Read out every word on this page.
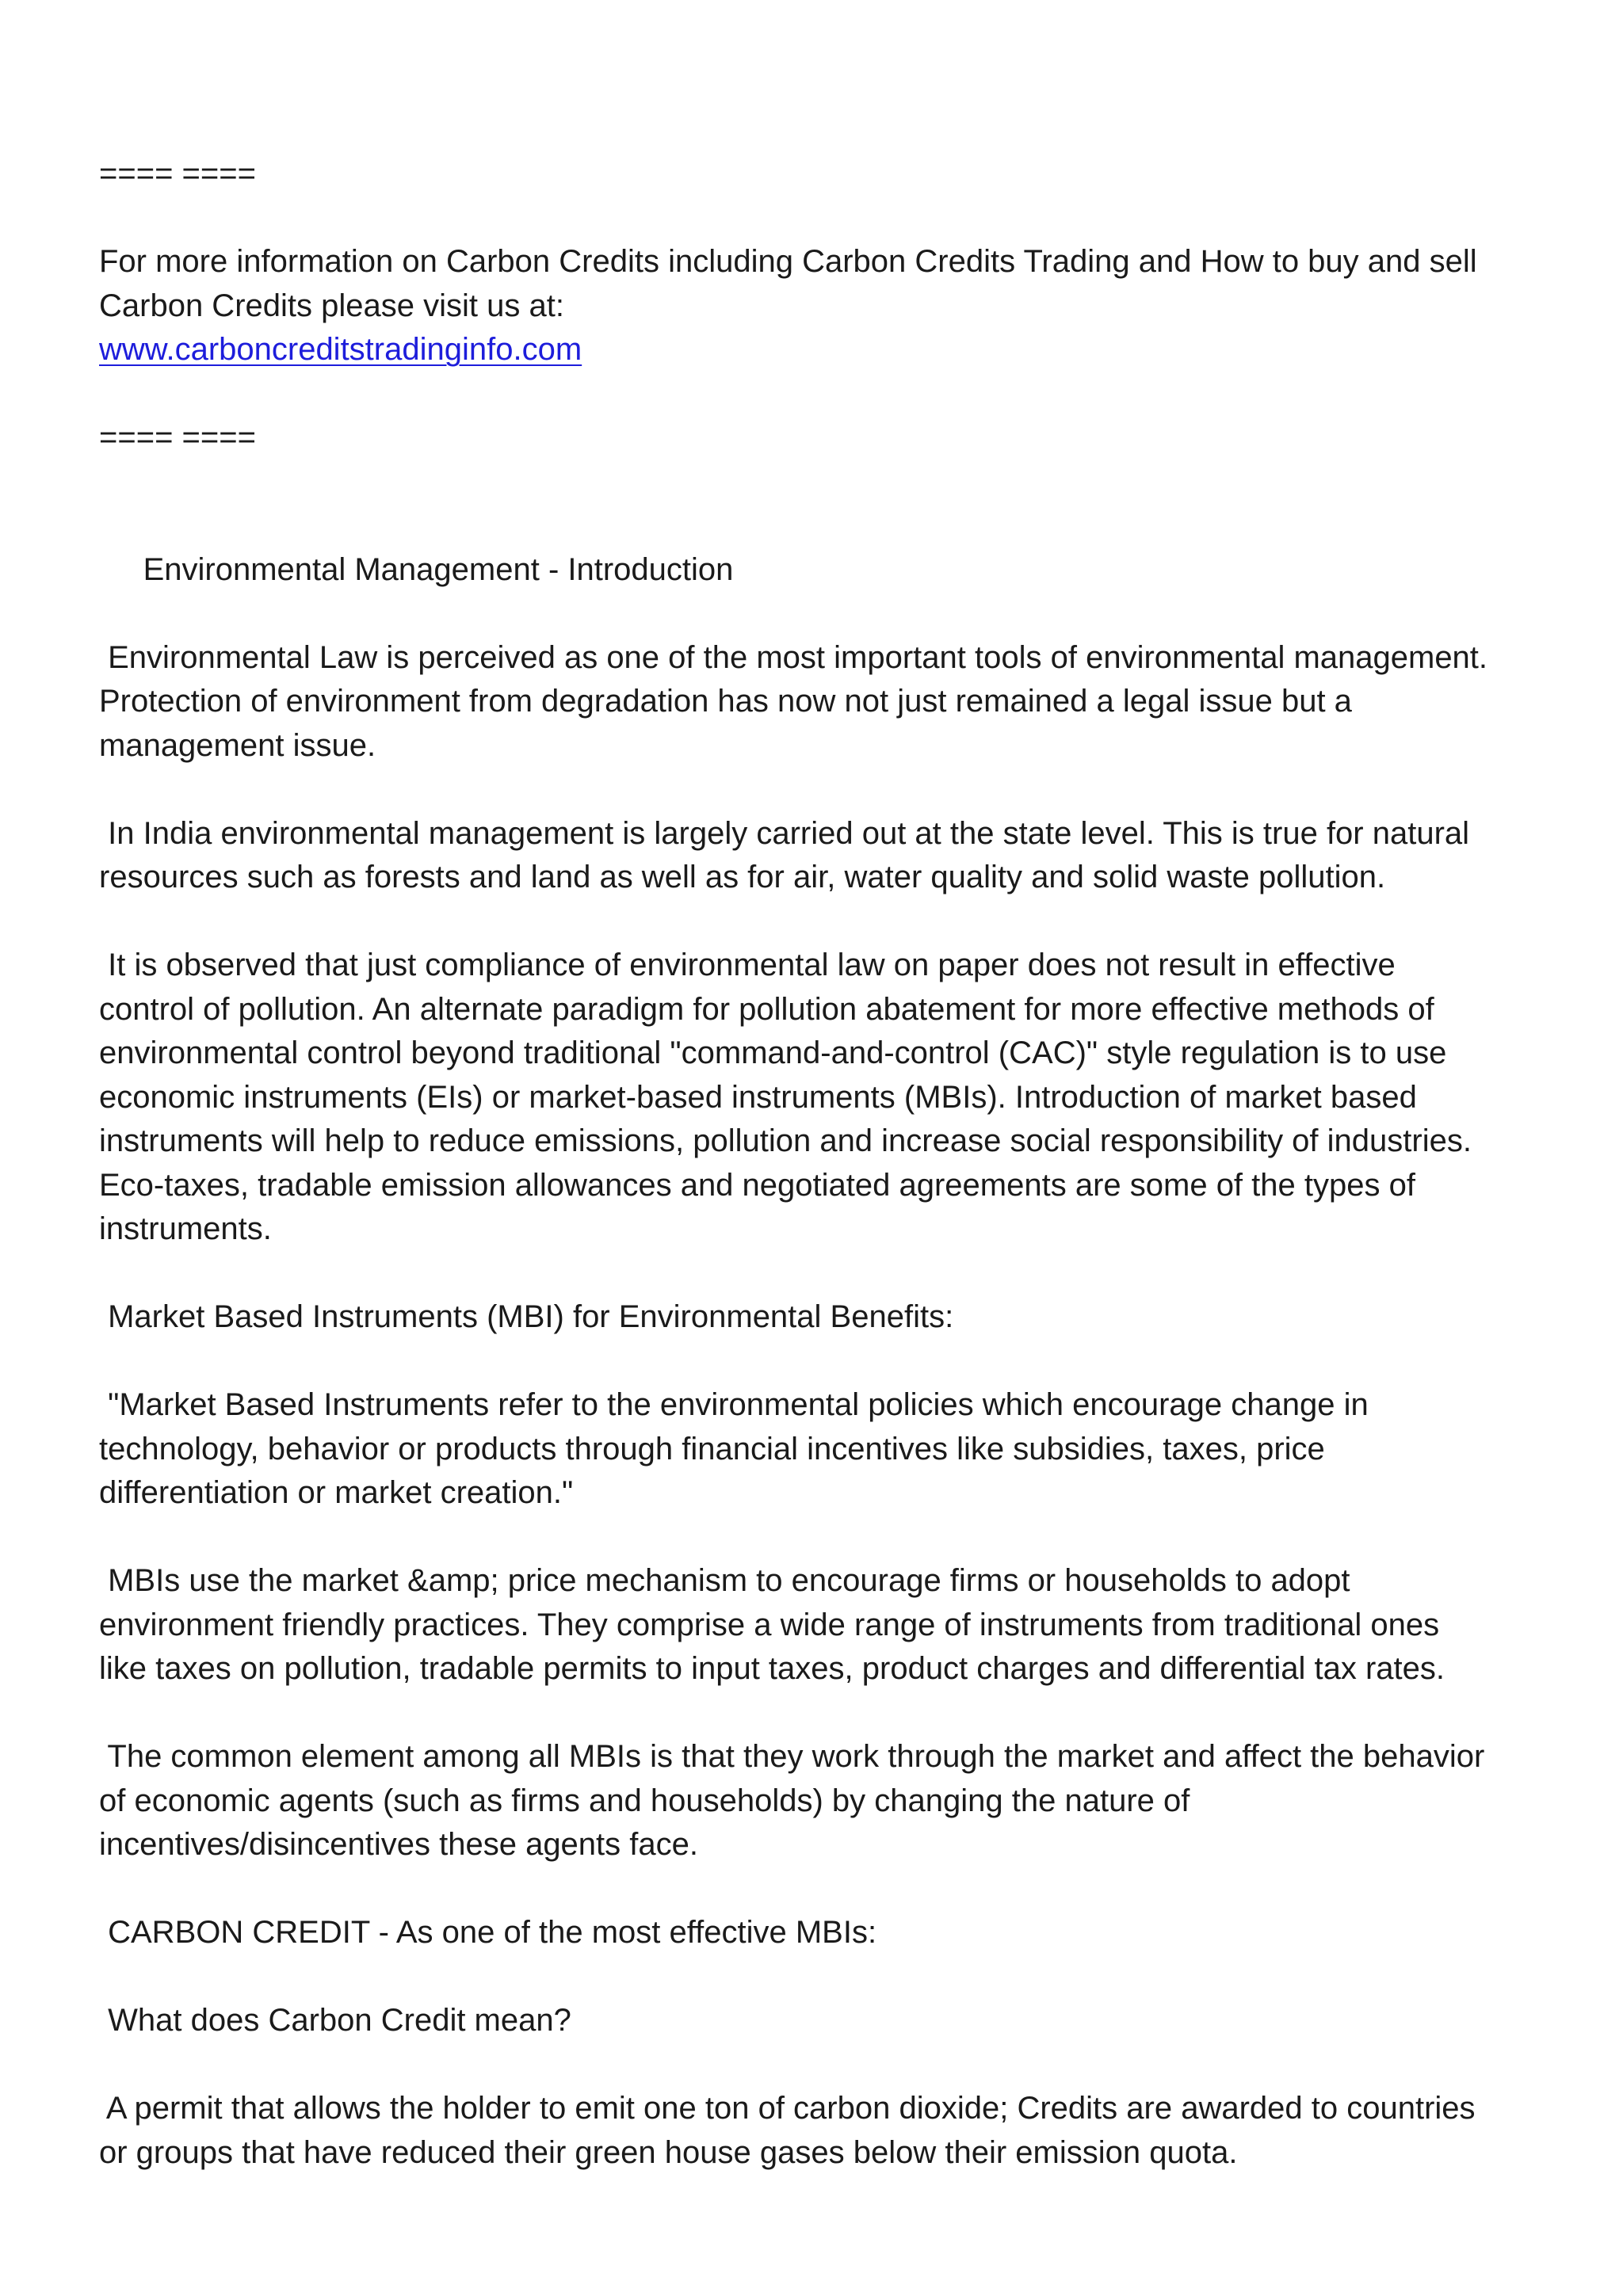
==== ====

For more information on Carbon Credits including Carbon Credits Trading and How to buy and sell
Carbon Credits please visit us at:
www.carboncreditstradinginfo.com

==== ====

Environmental Management - Introduction

Environmental Law is perceived as one of the most important tools of environmental management.
Protection of environment from degradation has now not just remained a legal issue but a
management issue.

In India environmental management is largely carried out at the state level. This is true for natural
resources such as forests and land as well as for air, water quality and solid waste pollution.

It is observed that just compliance of environmental law on paper does not result in effective
control of pollution. An alternate paradigm for pollution abatement for more effective methods of
environmental control beyond traditional "command-and-control (CAC)" style regulation is to use
economic instruments (EIs) or market-based instruments (MBIs). Introduction of market based
instruments will help to reduce emissions, pollution and increase social responsibility of industries.
Eco-taxes, tradable emission allowances and negotiated agreements are some of the types of
instruments.

Market Based Instruments (MBI) for Environmental Benefits:

"Market Based Instruments refer to the environmental policies which encourage change in
technology, behavior or products through financial incentives like subsidies, taxes, price
differentiation or market creation."

MBIs use the market &amp; price mechanism to encourage firms or households to adopt
environment friendly practices. They comprise a wide range of instruments from traditional ones
like taxes on pollution, tradable permits to input taxes, product charges and differential tax rates.

The common element among all MBIs is that they work through the market and affect the behavior
of economic agents (such as firms and households) by changing the nature of
incentives/disincentives these agents face.

CARBON CREDIT - As one of the most effective MBIs:

What does Carbon Credit mean?

A permit that allows the holder to emit one ton of carbon dioxide; Credits are awarded to countries
or groups that have reduced their green house gases below their emission quota.
